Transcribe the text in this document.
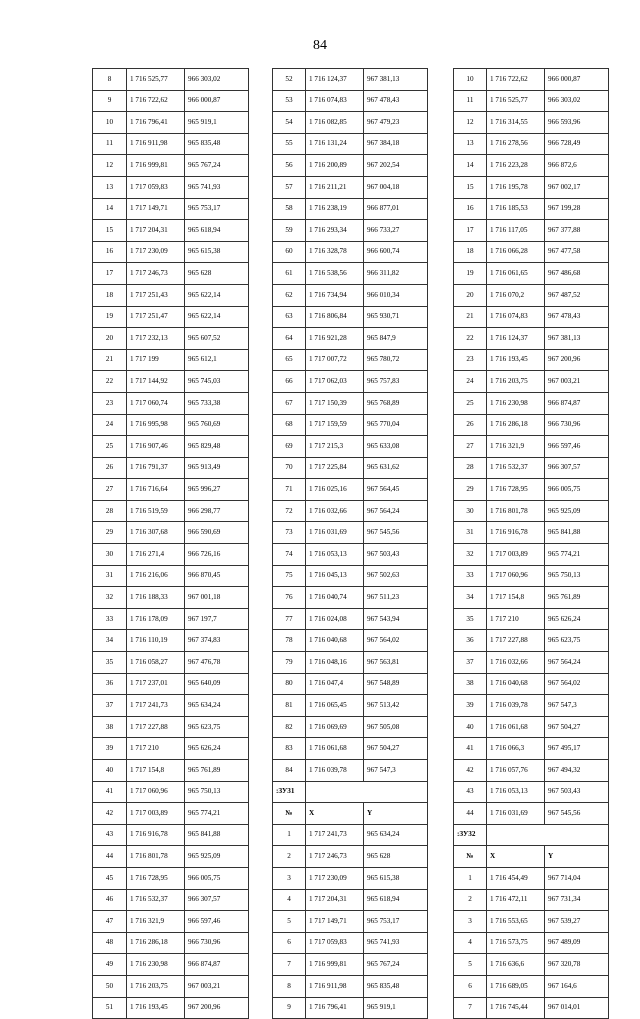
84
8	1 716 525,77	966 303,02
9	1 716 722,62	966 000,87
10	1 716 796,41	965 919,1
11	1 716 911,98	965 835,48
12	1 716 999,81	965 767,24
13	1 717 059,83	965 741,93
14	1 717 149,71	965 753,17
15	1 717 204,31	965 618,94
16	1 717 230,09	965 615,38
17	1 717 246,73	965 628
18	1 717 251,43	965 622,14
19	1 717 251,47	965 622,14
20	1 717 232,13	965 607,52
21	1 717 199	965 612,1
22	1 717 144,92	965 745,03
23	1 717 060,74	965 733,38
24	1 716 995,98	965 760,69
25	1 716 907,46	965 829,48
26	1 716 791,37	965 913,49
27	1 716 716,64	965 996,27
28	1 716 519,59	966 298,77
29	1 716 307,68	966 590,69
30	1 716 271,4	966 726,16
31	1 716 216,06	966 870,45
32	1 716 188,33	967 001,18
33	1 716 178,09	967 197,7
34	1 716 110,19	967 374,83
35	1 716 058,27	967 476,78
36	1 717 237,01	965 640,09
37	1 717 241,73	965 634,24
38	1 717 227,88	965 623,75
39	1 717 210	965 626,24
40	1 717 154,8	965 761,89
41	1 717 060,96	965 750,13
42	1 717 003,89	965 774,21
43	1 716 916,78	965 841,88
44	1 716 801,78	965 925,09
45	1 716 728,95	966 005,75
46	1 716 532,37	966 307,57
47	1 716 321,9	966 597,46
48	1 716 286,18	966 730,96
49	1 716 230,98	966 874,87
50	1 716 203,75	967 003,21
51	1 716 193,45	967 200,96
52	1 716 124,37	967 381,13
53	1 716 074,83	967 478,43
54	1 716 082,85	967 479,23
55	1 716 131,24	967 384,18
56	1 716 200,89	967 202,54
57	1 716 211,21	967 004,18
58	1 716 238,19	966 877,01
59	1 716 293,34	966 733,27
60	1 716 328,78	966 600,74
61	1 716 538,56	966 311,82
62	1 716 734,94	966 010,34
63	1 716 806,84	965 930,71
64	1 716 921,28	965 847,9
65	1 717 007,72	965 780,72
66	1 717 062,03	965 757,83
67	1 717 150,39	965 768,89
68	1 717 159,59	965 770,04
69	1 717 215,3	965 633,08
70	1 717 225,84	965 631,62
71	1 716 025,16	967 564,45
72	1 716 032,66	967 564,24
73	1 716 031,69	967 545,56
74	1 716 053,13	967 503,43
75	1 716 045,13	967 502,63
76	1 716 040,74	967 511,23
77	1 716 024,08	967 543,94
78	1 716 040,68	967 564,02
79	1 716 048,16	967 563,81
80	1 716 047,4	967 548,89
81	1 716 065,45	967 513,42
82	1 716 069,69	967 505,08
83	1 716 061,68	967 504,27
84	1 716 039,78	967 547,3
:ЗУ31		
№	X	Y
1	1 717 241,73	965 634,24
2	1 717 246,73	965 628
3	1 717 230,09	965 615,38
4	1 717 204,31	965 618,94
5	1 717 149,71	965 753,17
6	1 717 059,83	965 741,93
7	1 716 999,81	965 767,24
8	1 716 911,98	965 835,48
9	1 716 796,41	965 919,1
10	1 716 722,62	966 000,87
11	1 716 525,77	966 303,02
12	1 716 314,55	966 593,96
13	1 716 278,56	966 728,49
14	1 716 223,28	966 872,6
15	1 716 195,78	967 002,17
16	1 716 185,53	967 199,28
17	1 716 117,05	967 377,88
18	1 716 066,28	967 477,58
19	1 716 061,65	967 486,68
20	1 716 070,2	967 487,52
21	1 716 074,83	967 478,43
22	1 716 124,37	967 381,13
23	1 716 193,45	967 200,96
24	1 716 203,75	967 003,21
25	1 716 230,98	966 874,87
26	1 716 286,18	966 730,96
27	1 716 321,9	966 597,46
28	1 716 532,37	966 307,57
29	1 716 728,95	966 005,75
30	1 716 801,78	965 925,09
31	1 716 916,78	965 841,88
32	1 717 003,89	965 774,21
33	1 717 060,96	965 750,13
34	1 717 154,8	965 761,89
35	1 717 210	965 626,24
36	1 717 227,88	965 623,75
37	1 716 032,66	967 564,24
38	1 716 040,68	967 564,02
39	1 716 039,78	967 547,3
40	1 716 061,68	967 504,27
41	1 716 066,3	967 495,17
42	1 716 057,76	967 494,32
43	1 716 053,13	967 503,43
44	1 716 031,69	967 545,56
:ЗУ32		
№	X	Y
1	1 716 454,49	967 714,04
2	1 716 472,11	967 731,34
3	1 716 553,65	967 539,27
4	1 716 573,75	967 489,09
5	1 716 636,6	967 320,78
6	1 716 689,05	967 164,6
7	1 716 745,44	967 014,01
